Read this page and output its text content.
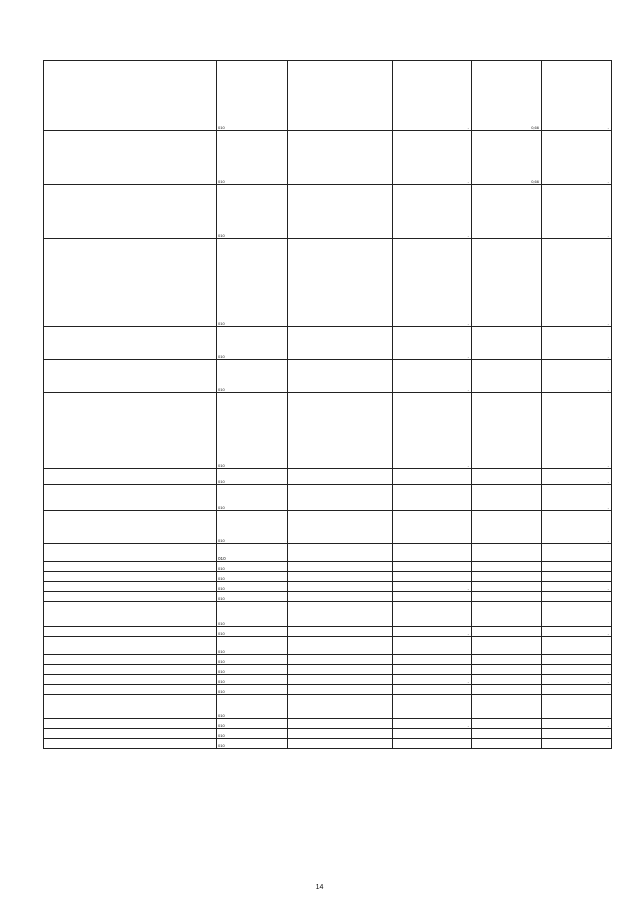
	010		-	0,66	-
	010		-	0,66	-
	010		-		-
	010		-		-
	010		-		-
	010		-		-
	010		-		-
	010				-
	010				-
	010				-
	010				
	010				
	010				
	010		-		-
	010				
	010				
	010		-		-
	010				
	010				
	010				
	010		-		-
	010				
	010				
	010		-		-
	010				
	010				
14
